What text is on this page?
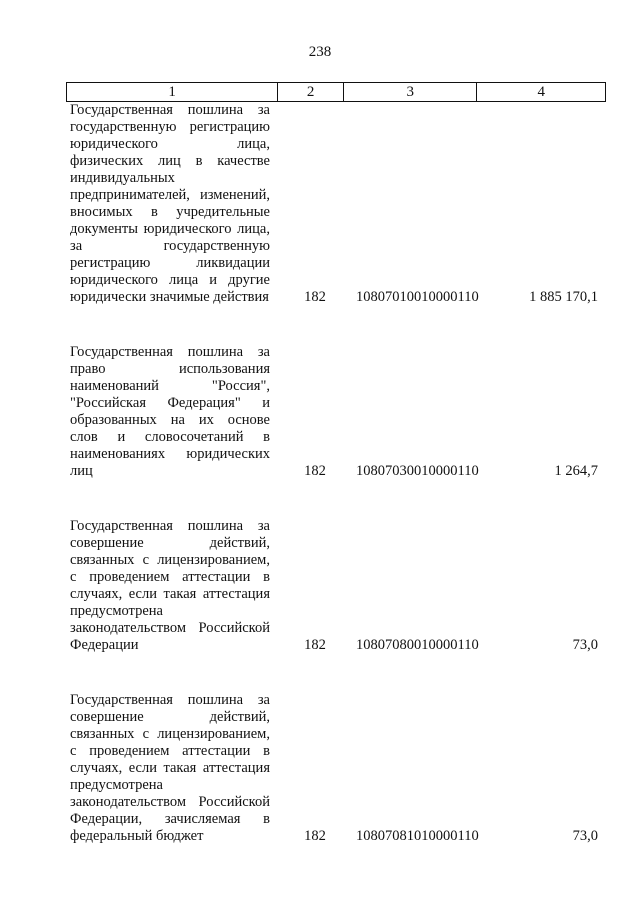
238
1	2	3	4
Государственная пошлина за государственную регистрацию юридического лица, физических лиц в качестве индивидуальных предпринимателей, изменений, вносимых в учредительные документы юридического лица, за государственную регистрацию ликвидации юридического лица и другие юридически значимые действия	182	10807010010000110	1 885 170,1
Государственная пошлина за право использования наименований "Россия", "Российская Федерация" и образованных на их основе слов и словосочетаний в наименованиях юридических лиц	182	10807030010000110	1 264,7
Государственная пошлина за совершение действий, связанных с лицензированием, с проведением аттестации в случаях, если такая аттестация предусмотрена законодательством Российской Федерации	182	10807080010000110	73,0
Государственная пошлина за совершение действий, связанных с лицензированием, с проведением аттестации в случаях, если такая аттестация предусмотрена законодательством Российской Федерации, зачисляемая в федеральный бюджет	182	10807081010000110	73,0
